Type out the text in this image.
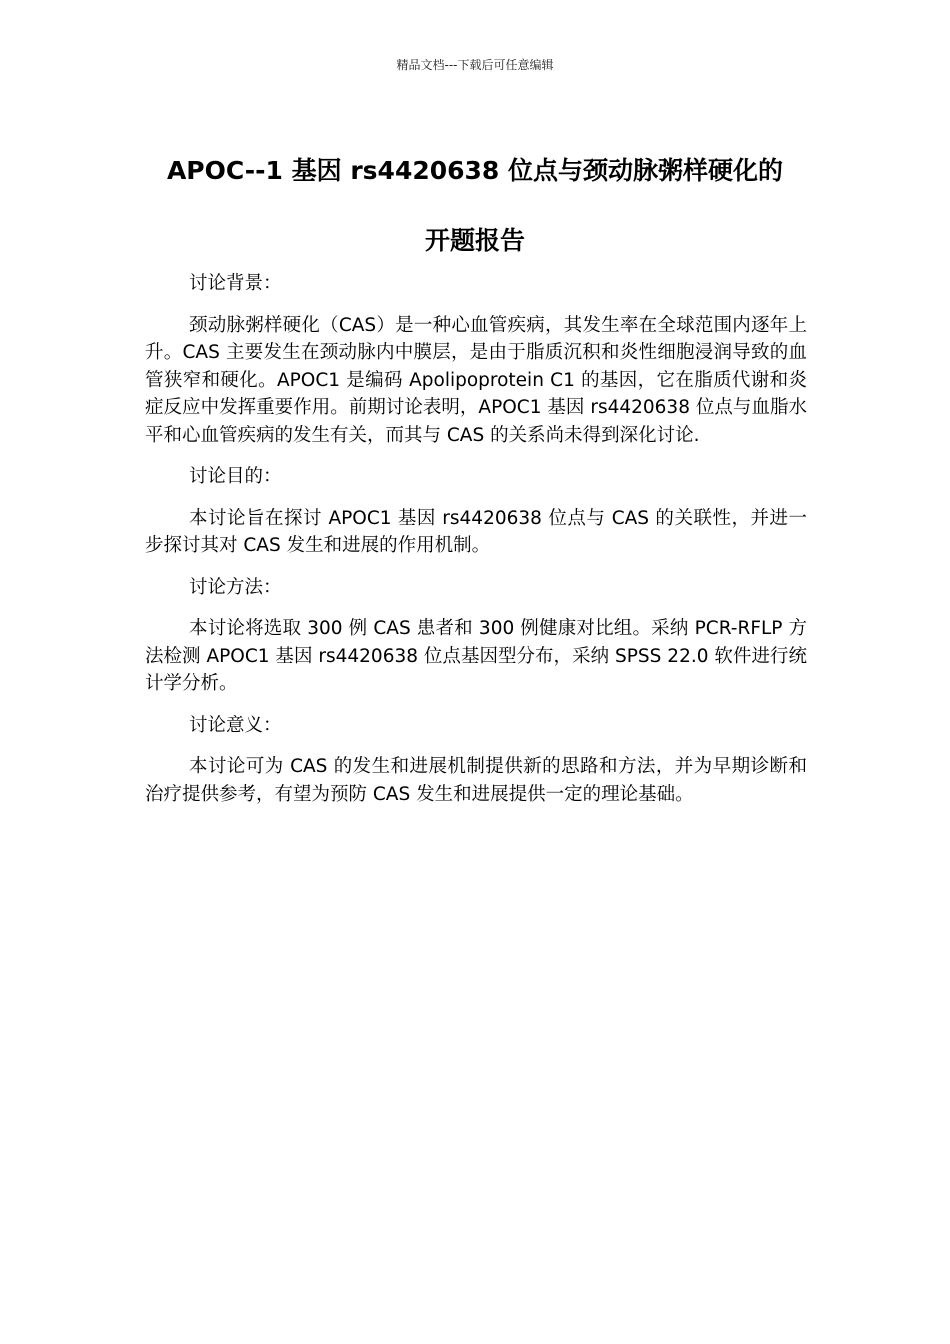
精品文档---下载后可任意编辑
APOC--1 基因 rs4420638 位点与颈动脉粥样硬化的
开题报告

讨论背景：

颈动脉粥样硬化（CAS）是一种心血管疾病，其发生率在全球范围内逐年上升。CAS 主要发生在颈动脉内中膜层，是由于脂质沉积和炎性细胞浸润导致的血管狭窄和硬化。APOC1 是编码 Apolipoprotein C1 的基因，它在脂质代谢和炎症反应中发挥重要作用。前期讨论表明，APOC1 基因 rs4420638 位点与血脂水平和心血管疾病的发生有关，而其与 CAS 的关系尚未得到深化讨论.

讨论目的：

本讨论旨在探讨 APOC1 基因 rs4420638 位点与 CAS 的关联性，并进一步探讨其对 CAS 发生和进展的作用机制。

讨论方法：

本讨论将选取 300 例 CAS 患者和 300 例健康对比组。采纳 PCR-RFLP 方法检测 APOC1 基因 rs4420638 位点基因型分布，采纳 SPSS 22.0 软件进行统计学分析。

讨论意义：

本讨论可为 CAS 的发生和进展机制提供新的思路和方法，并为早期诊断和治疗提供参考，有望为预防 CAS 发生和进展提供一定的理论基础。
